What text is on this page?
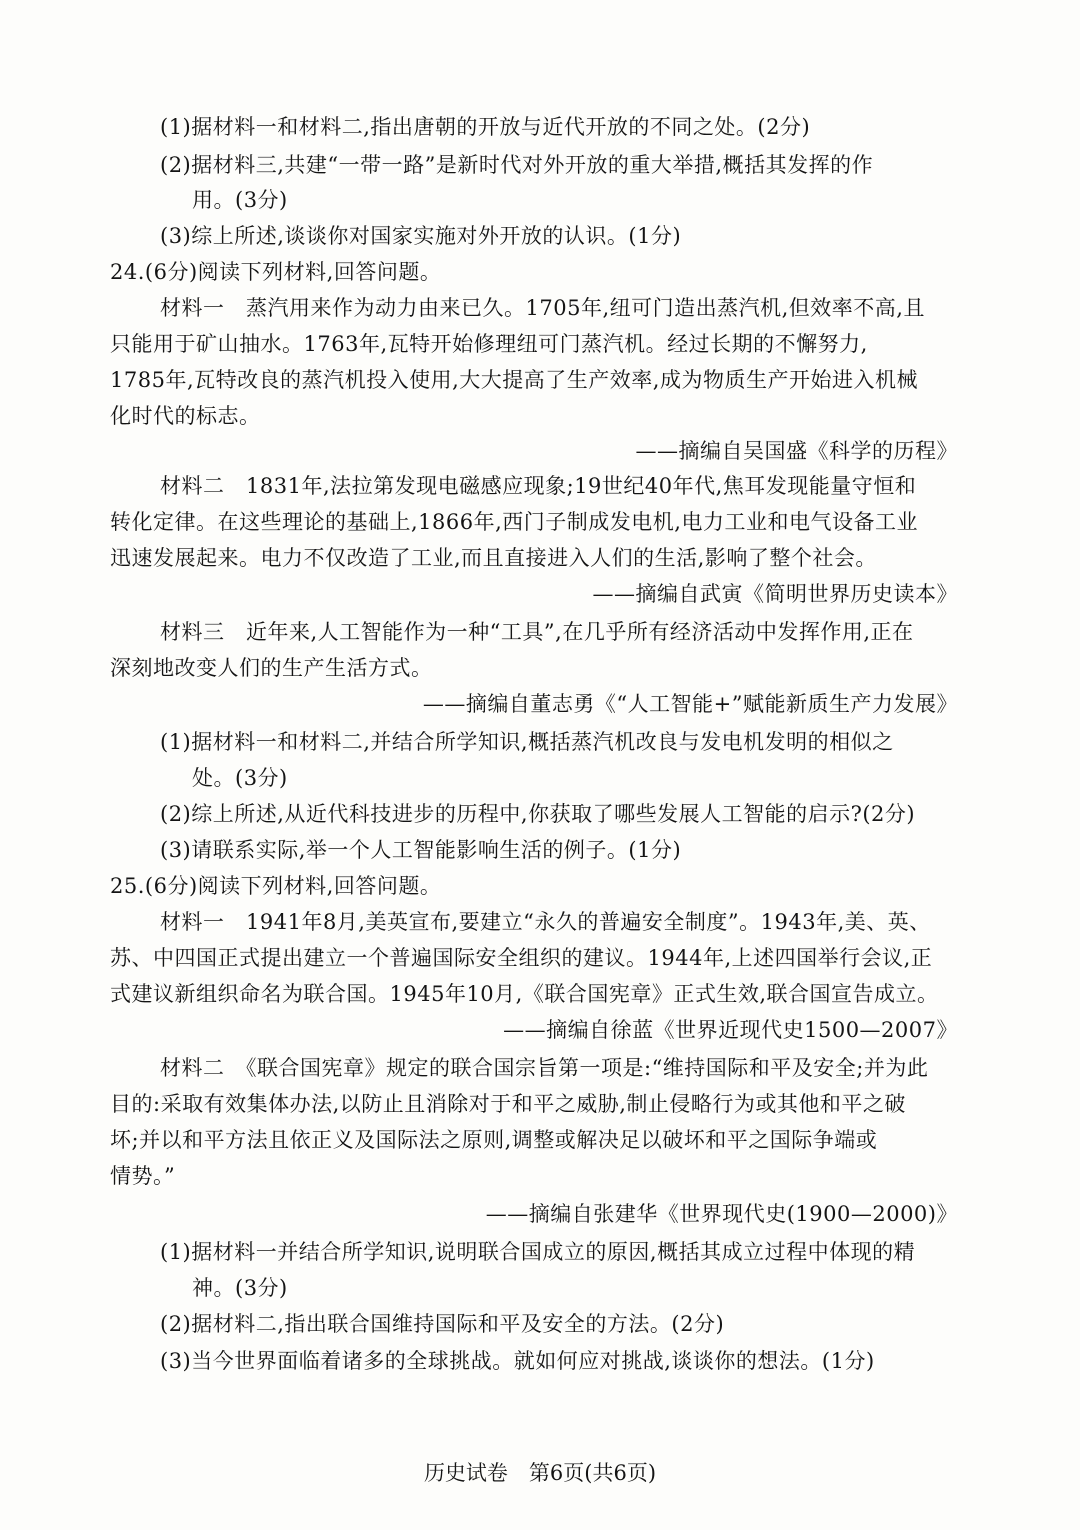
(1)据材料一和材料二,指出唐朝的开放与近代开放的不同之处。(2分)
(2)据材料三,共建“一带一路”是新时代对外开放的重大举措,概括其发挥的作
用。(3分)
(3)综上所述,谈谈你对国家实施对外开放的认识。(1分)
24.(6分)阅读下列材料,回答问题。
材料一　蒸汽用来作为动力由来已久。1705年,纽可门造出蒸汽机,但效率不高,且
只能用于矿山抽水。1763年,瓦特开始修理纽可门蒸汽机。经过长期的不懈努力,
1785年,瓦特改良的蒸汽机投入使用,大大提高了生产效率,成为物质生产开始进入机械
化时代的标志。
——摘编自吴国盛《科学的历程》
材料二　1831年,法拉第发现电磁感应现象;19世纪40年代,焦耳发现能量守恒和
转化定律。在这些理论的基础上,1866年,西门子制成发电机,电力工业和电气设备工业
迅速发展起来。电力不仅改造了工业,而且直接进入人们的生活,影响了整个社会。
——摘编自武寅《简明世界历史读本》
材料三　近年来,人工智能作为一种“工具”,在几乎所有经济活动中发挥作用,正在
深刻地改变人们的生产生活方式。
——摘编自董志勇《“人工智能+”赋能新质生产力发展》
(1)据材料一和材料二,并结合所学知识,概括蒸汽机改良与发电机发明的相似之
处。(3分)
(2)综上所述,从近代科技进步的历程中,你获取了哪些发展人工智能的启示?(2分)
(3)请联系实际,举一个人工智能影响生活的例子。(1分)
25.(6分)阅读下列材料,回答问题。
材料一　1941年8月,美英宣布,要建立“永久的普遍安全制度”。1943年,美、英、
苏、中四国正式提出建立一个普遍国际安全组织的建议。1944年,上述四国举行会议,正
式建议新组织命名为联合国。1945年10月,《联合国宪章》正式生效,联合国宣告成立。
——摘编自徐蓝《世界近现代史1500—2007》
材料二　《联合国宪章》规定的联合国宗旨第一项是:“维持国际和平及安全;并为此
目的:采取有效集体办法,以防止且消除对于和平之威胁,制止侵略行为或其他和平之破
坏;并以和平方法且依正义及国际法之原则,调整或解决足以破坏和平之国际争端或
情势。”
——摘编自张建华《世界现代史(1900—2000)》
(1)据材料一并结合所学知识,说明联合国成立的原因,概括其成立过程中体现的精
神。(3分)
(2)据材料二,指出联合国维持国际和平及安全的方法。(2分)
(3)当今世界面临着诸多的全球挑战。就如何应对挑战,谈谈你的想法。(1分)
历史试卷　第6页(共6页)
